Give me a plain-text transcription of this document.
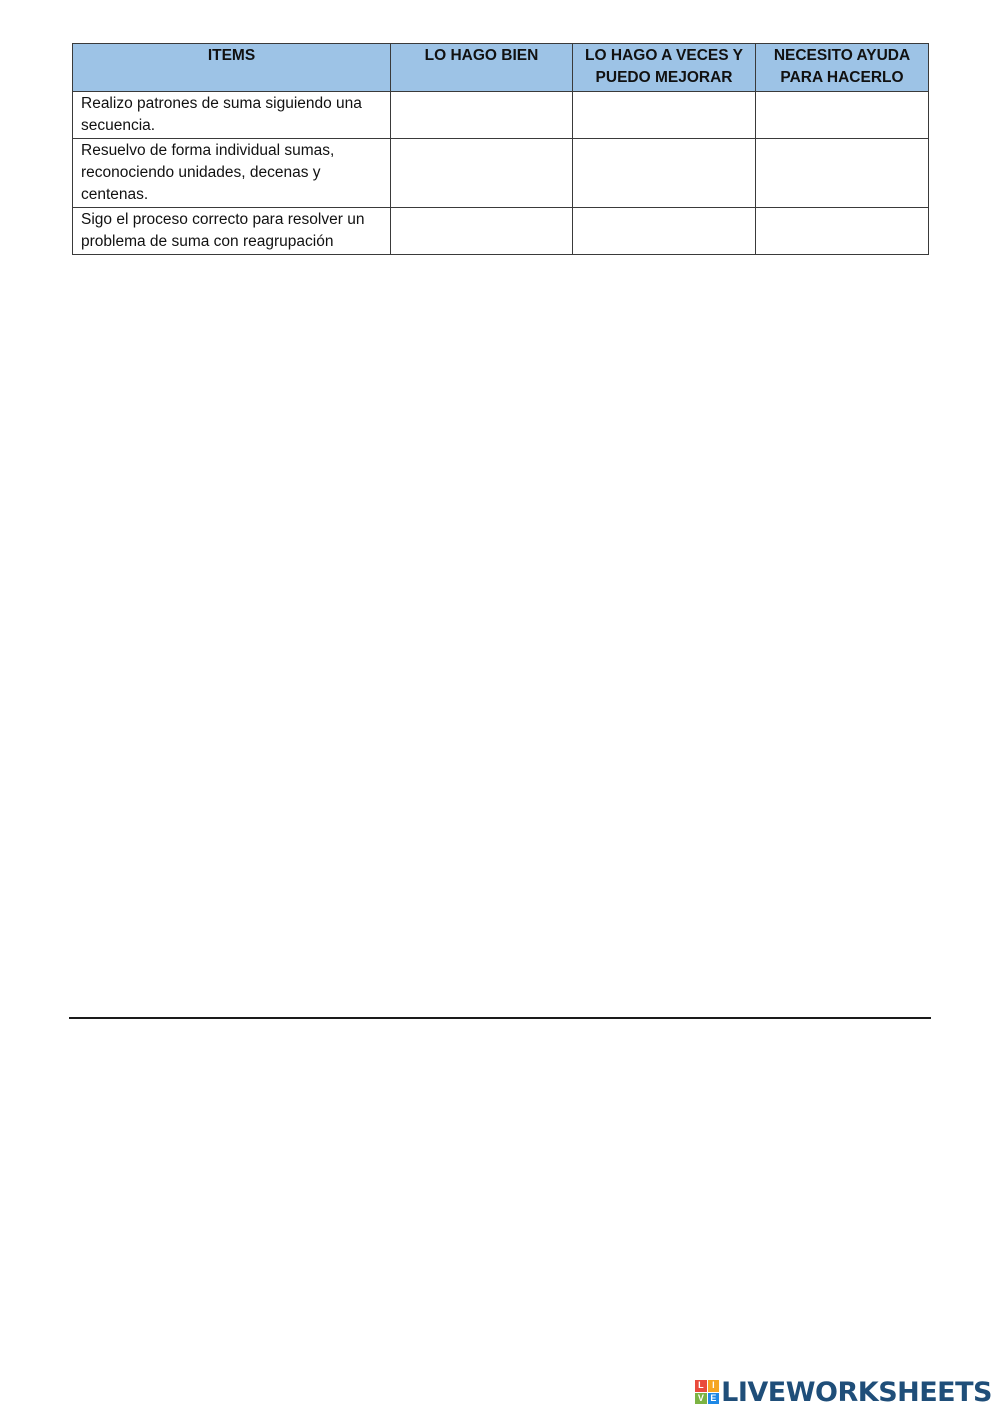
ITEMS	LO HAGO BIEN	LO HAGO A VECES Y PUEDO MEJORAR	NECESITO AYUDA PARA HACERLO
Realizo patrones de suma siguiendo una secuencia.			
Resuelvo de forma individual sumas, reconociendo unidades, decenas y centenas.			
Sigo el proceso correcto para resolver un problema de suma con reagrupación			
L I
V E LIVEWORKSHEETS
